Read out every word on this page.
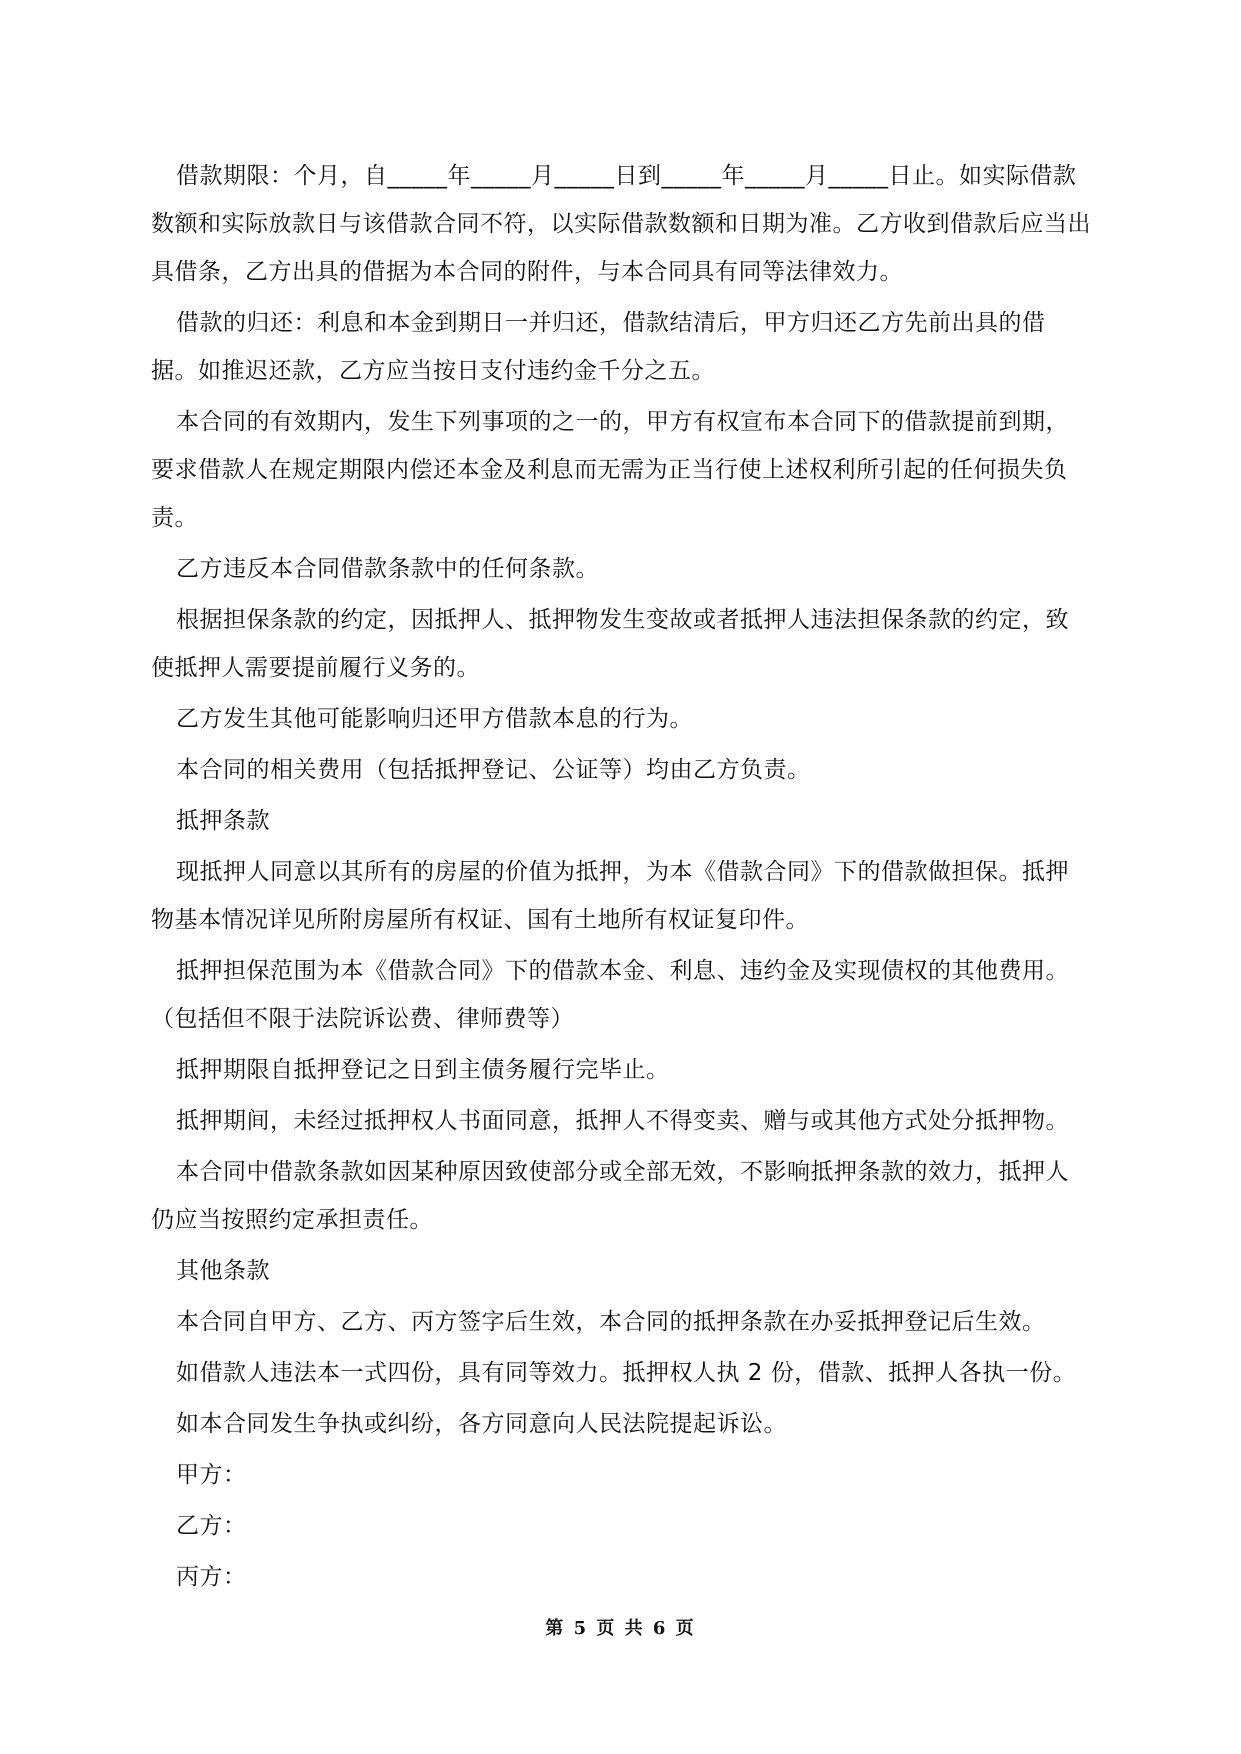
借款期限：个月，自_____年_____月_____日到_____年_____月_____日止。如实际借款数额和实际放款日与该借款合同不符，以实际借款数额和日期为准。乙方收到借款后应当出具借条，乙方出具的借据为本合同的附件，与本合同具有同等法律效力。

借款的归还：利息和本金到期日一并归还，借款结清后，甲方归还乙方先前出具的借据。如推迟还款，乙方应当按日支付违约金千分之五。

本合同的有效期内，发生下列事项的之一的，甲方有权宣布本合同下的借款提前到期，要求借款人在规定期限内偿还本金及利息而无需为正当行使上述权利所引起的任何损失负责。

乙方违反本合同借款条款中的任何条款。

根据担保条款的约定，因抵押人、抵押物发生变故或者抵押人违法担保条款的约定，致使抵押人需要提前履行义务的。

乙方发生其他可能影响归还甲方借款本息的行为。

本合同的相关费用（包括抵押登记、公证等）均由乙方负责。

抵押条款

现抵押人同意以其所有的房屋的价值为抵押，为本《借款合同》下的借款做担保。抵押物基本情况详见所附房屋所有权证、国有土地所有权证复印件。

抵押担保范围为本《借款合同》下的借款本金、利息、违约金及实现债权的其他费用。（包括但不限于法院诉讼费、律师费等）

抵押期限自抵押登记之日到主债务履行完毕止。

抵押期间，未经过抵押权人书面同意，抵押人不得变卖、赠与或其他方式处分抵押物。

本合同中借款条款如因某种原因致使部分或全部无效，不影响抵押条款的效力，抵押人仍应当按照约定承担责任。

其他条款

本合同自甲方、乙方、丙方签字后生效，本合同的抵押条款在办妥抵押登记后生效。

如借款人违法本一式四份，具有同等效力。抵押权人执 2 份，借款、抵押人各执一份。

如本合同发生争执或纠纷，各方同意向人民法院提起诉讼。

甲方：

乙方：

丙方：

第 5 页 共 6 页
